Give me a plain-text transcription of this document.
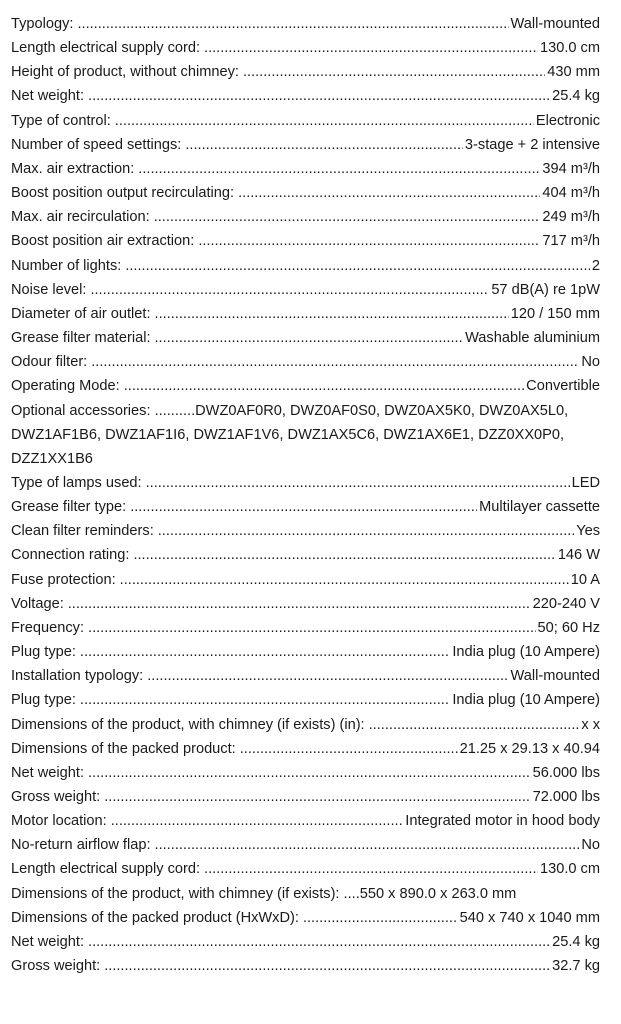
Typology: .....	Wall-mounted
Length electrical supply cord: .....	130.0 cm
Height of product, without chimney: .....	430 mm
Net weight: .....	25.4 kg
Type of control: .....	Electronic
Number of speed settings: .....	3-stage + 2 intensive
Max. air extraction: .....	394 m³/h
Boost position output recirculating: .....	404 m³/h
Max. air recirculation: .....	249 m³/h
Boost position air extraction: .....	717 m³/h
Number of lights: .....	2
Noise level: .....	57 dB(A) re 1pW
Diameter of air outlet: .....	120 / 150 mm
Grease filter material: .....	Washable aluminium
Odour filter: .....	No
Operating Mode: .....	Convertible
Optional accessories: ..........DWZ0AF0R0, DWZ0AF0S0, DWZ0AX5K0, DWZ0AX5L0, DWZ1AF1B6, DWZ1AF1I6, DWZ1AF1V6, DWZ1AX5C6, DWZ1AX6E1, DZZ0XX0P0, DZZ1XX1B6
Type of lamps used: .....	LED
Grease filter type: .....	Multilayer cassette
Clean filter reminders: .....	Yes
Connection rating: .....	146 W
Fuse protection: .....	10 A
Voltage: .....	220-240 V
Frequency: .....	50; 60 Hz
Plug type: .....	India plug (10 Ampere)
Installation typology: .....	Wall-mounted
Plug type: .....	India plug (10 Ampere)
Dimensions of the product, with chimney (if exists) (in): .....	x x
Dimensions of the packed product: .....	21.25 x 29.13 x 40.94
Net weight: .....	56.000 lbs
Gross weight: .....	72.000 lbs
Motor location: .....	Integrated motor in hood body
No-return airflow flap: .....	No
Length electrical supply cord: .....	130.0 cm
Dimensions of the product, with chimney (if exists): ....550 x 890.0 x 263.0 mm
Dimensions of the packed product (HxWxD): .....	540 x 740 x 1040 mm
Net weight: .....	25.4 kg
Gross weight: .....	32.7 kg
